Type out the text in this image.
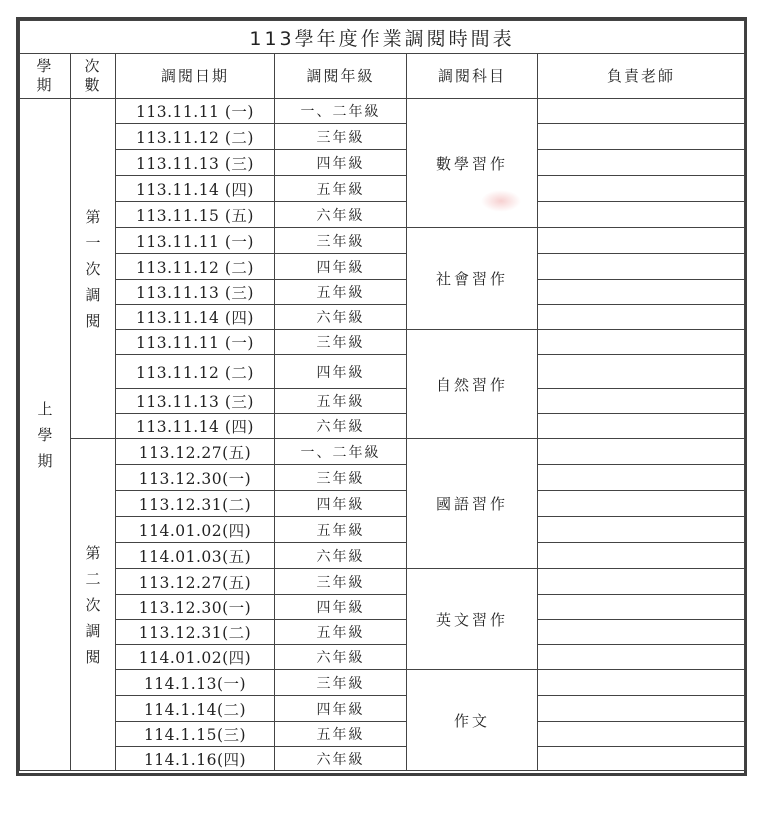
113學年度作業調閱時間表					
學期	次數	調閱日期	調閱年級	調閱科目	負責老師
上學期	第一次調閱	113.11.11 (一)	一、二年級	數學習作	
		113.11.12 (二)	三年級		
		113.11.13 (三)	四年級		
		113.11.14 (四)	五年級		
		113.11.15 (五)	六年級		
		113.11.11 (一)	三年級	社會習作	
		113.11.12 (二)	四年級		
		113.11.13 (三)	五年級		
		113.11.14 (四)	六年級		
		113.11.11 (一)	三年級	自然習作	
		113.11.12 (二)	四年級		
		113.11.13 (三)	五年級		
		113.11.14 (四)	六年級		
	第二次調閱	113.12.27(五)	一、二年級	國語習作	
		113.12.30(一)	三年級		
		113.12.31(二)	四年級		
		114.01.02(四)	五年級		
		114.01.03(五)	六年級		
		113.12.27(五)	三年級	英文習作	
		113.12.30(一)	四年級		
		113.12.31(二)	五年級		
		114.01.02(四)	六年級		
		114.1.13(一)	三年級	作文	
		114.1.14(二)	四年級		
		114.1.15(三)	五年級		
		114.1.16(四)	六年級		
